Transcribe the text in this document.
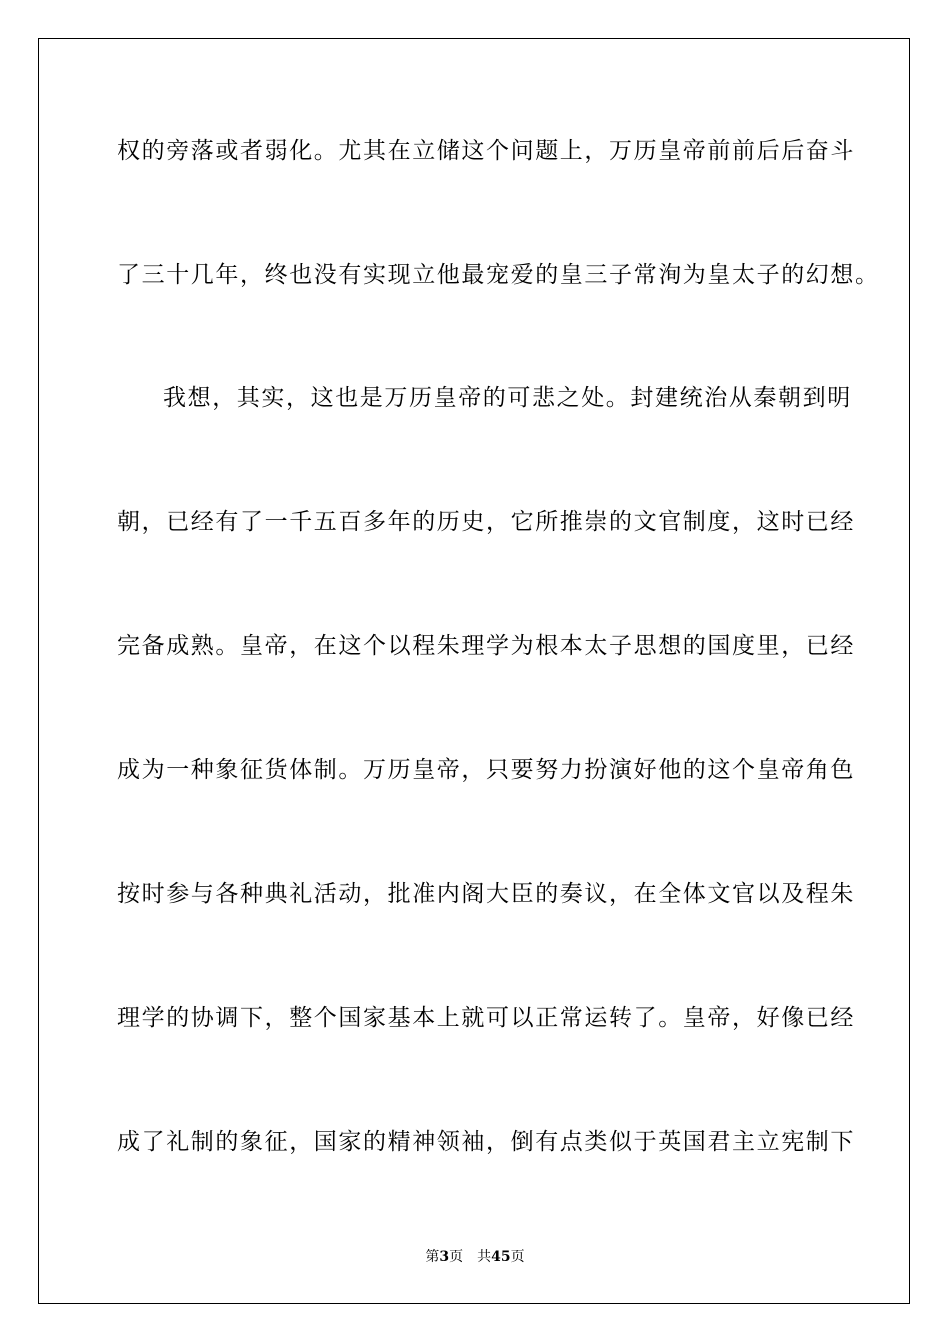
权的旁落或者弱化。尤其在立储这个问题上，万历皇帝前前后后奋斗
了三十几年，终也没有实现立他最宠爱的皇三子常洵为皇太子的幻想。
我想，其实，这也是万历皇帝的可悲之处。封建统治从秦朝到明
朝，已经有了一千五百多年的历史，它所推崇的文官制度，这时已经
完备成熟。皇帝，在这个以程朱理学为根本太子思想的国度里，已经
成为一种象征货体制。万历皇帝，只要努力扮演好他的这个皇帝角色
按时参与各种典礼活动，批准内阁大臣的奏议，在全体文官以及程朱
理学的协调下，整个国家基本上就可以正常运转了。皇帝，好像已经
成了礼制的象征，国家的精神领袖，倒有点类似于英国君主立宪制下
第3页 共45页
